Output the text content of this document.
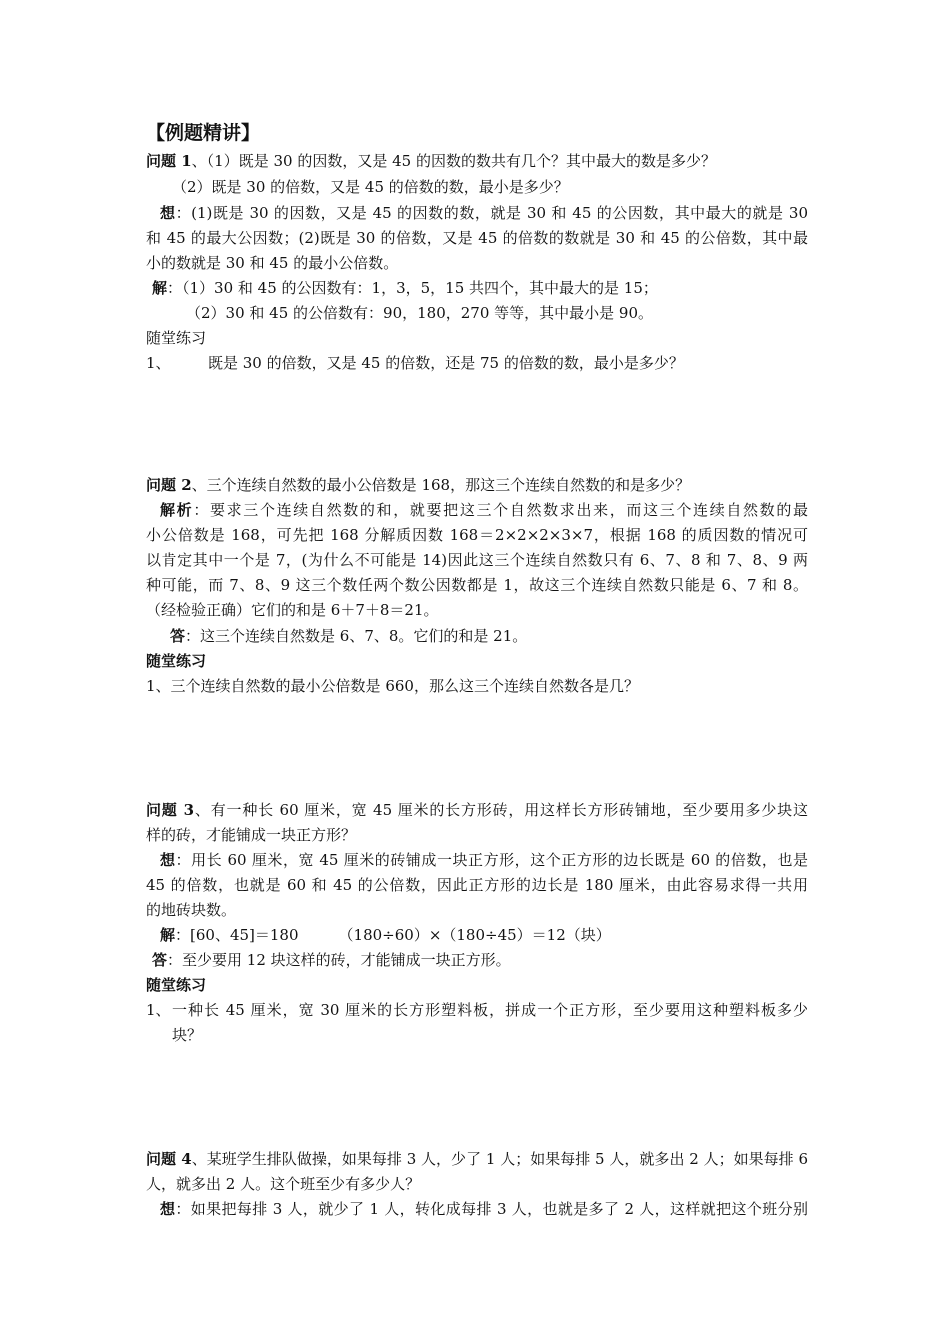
【例题精讲】
问题 1、（1）既是 30 的因数，又是 45 的因数的数共有几个？其中最大的数是多少？
（2）既是 30 的倍数，又是 45 的倍数的数，最小是多少？
想：(1)既是 30 的因数，又是 45 的因数的数，就是 30 和 45 的公因数，其中最大的就是 30
和 45 的最大公因数；(2)既是 30 的倍数，又是 45 的倍数的数就是 30 和 45 的公倍数，其中最
小的数就是 30 和 45 的最小公倍数。
解：（1）30 和 45 的公因数有：1，3，5，15 共四个，其中最大的是 15；
（2）30 和 45 的公倍数有：90，180，270 等等，其中最小是 90。
随堂练习
1、 既是 30 的倍数，又是 45 的倍数，还是 75 的倍数的数，最小是多少？
问题 2、三个连续自然数的最小公倍数是 168，那这三个连续自然数的和是多少？
解析：要求三个连续自然数的和，就要把这三个自然数求出来，而这三个连续自然数的最
小公倍数是 168，可先把 168 分解质因数 168＝2×2×2×3×7，根据 168 的质因数的情况可
以肯定其中一个是 7，(为什么不可能是 14)因此这三个连续自然数只有 6、7、8 和 7、8、9 两
种可能，而 7、8、9 这三个数任两个数公因数都是 1，故这三个连续自然数只能是 6、7 和 8。
（经检验正确）它们的和是 6＋7＋8＝21。
答：这三个连续自然数是 6、7、8。它们的和是 21。
随堂练习
1、三个连续自然数的最小公倍数是 660，那么这三个连续自然数各是几？
问题 3、有一种长 60 厘米，宽 45 厘米的长方形砖，用这样长方形砖铺地，至少要用多少块这
样的砖，才能铺成一块正方形？
想：用长 60 厘米，宽 45 厘米的砖铺成一块正方形，这个正方形的边长既是 60 的倍数，也是
45 的倍数，也就是 60 和 45 的公倍数，因此正方形的边长是 180 厘米，由此容易求得一共用
的地砖块数。
解：[60、45]＝180	（180÷60）×（180÷45）＝12（块）
答：至少要用 12 块这样的砖，才能铺成一块正方形。
随堂练习
1、 一种长 45 厘米，宽 30 厘米的长方形塑料板，拼成一个正方形，至少要用这种塑料板多少
块？
问题 4、某班学生排队做操，如果每排 3 人，少了 1 人；如果每排 5 人，就多出 2 人；如果每排 6
人，就多出 2 人。这个班至少有多少人？
想：如果把每排 3 人，就少了 1 人，转化成每排 3 人，也就是多了 2 人，这样就把这个班分别
